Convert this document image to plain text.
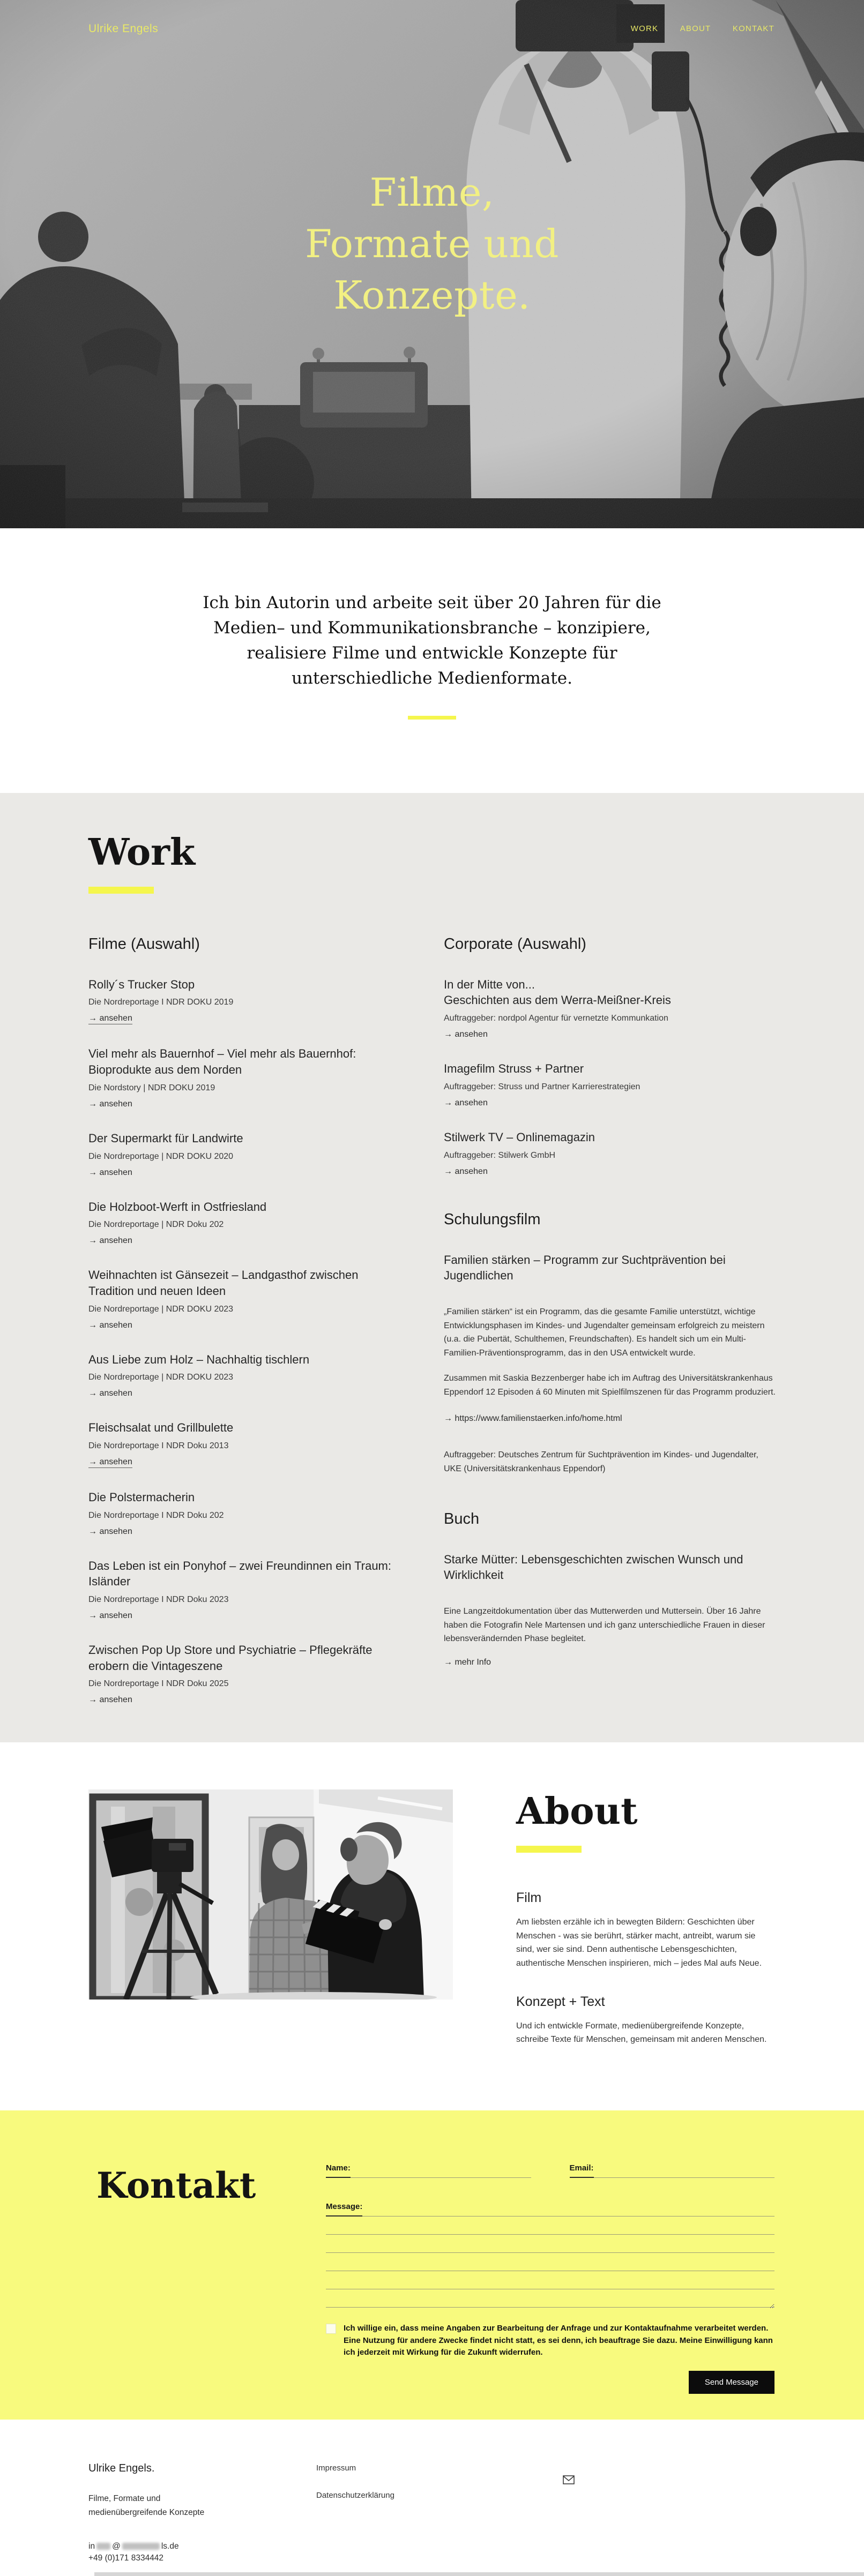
Ulrike Engels	WORK	ABOUT	KONTAKT
Filme,
Formate und
Konzepte.

Ich bin Autorin und arbeite seit über 20 Jahren für die Medien– und Kommunikationsbranche – konzipiere, realisiere Filme und entwickle Konzepte für unterschiedliche Medienformate.

Work
Filme (Auswahl)
Rolly´s Trucker Stop

Die Nordreportage I NDR DOKU 2019

→ ansehen
Viel mehr als Bauernhof – Viel mehr als Bauernhof: Bioprodukte aus dem Norden

Die Nordstory | NDR DOKU 2019

→ ansehen
Der Supermarkt für Landwirte

Die Nordreportage | NDR DOKU 2020

→ ansehen
Die Holzboot-Werft in Ostfriesland

Die Nordreportage | NDR Doku 202

→ ansehen
Weihnachten ist Gänsezeit – Landgasthof zwischen Tradition und neuen Ideen

Die Nordreportage | NDR DOKU 2023

→ ansehen
Aus Liebe zum Holz – Nachhaltig tischlern

Die Nordreportage | NDR DOKU 2023

→ ansehen
Fleischsalat und Grillbulette

Die Nordreportage I NDR Doku 2013

→ ansehen
Die Polstermacherin

Die Nordreportage I NDR Doku 202

→ ansehen
Das Leben ist ein Ponyhof – zwei Freundinnen ein Traum: Isländer

Die Nordreportage I NDR Doku 2023

→ ansehen
Zwischen Pop Up Store und Psychiatrie – Pflegekräfte erobern die Vintageszene

Die Nordreportage I NDR Doku 2025

→ ansehen
Corporate (Auswahl)
In der Mitte von...
Geschichten aus dem Werra-Meißner-Kreis

Auftraggeber: nordpol Agentur für vernetzte Kommunkation

→ ansehen
Imagefilm Struss + Partner

Auftraggeber: Struss und Partner Karrierestrategien

→ ansehen
Stilwerk TV – Onlinemagazin

Auftraggeber: Stilwerk GmbH

→ ansehen
Schulungsfilm
Familien stärken – Programm zur Suchtprävention bei Jugendlichen

„Familien stärken“ ist ein Programm, das die gesamte Familie unterstützt, wichtige Entwicklungsphasen im Kindes- und Jugendalter gemeinsam erfolgreich zu meistern (u.a. die Pubertät, Schulthemen, Freundschaften). Es handelt sich um ein Multi-Familien-Präventionsprogramm, das in den USA entwickelt wurde.

Zusammen mit Saskia Bezzenberger habe ich im Auftrag des Universitätskrankenhaus Eppendorf 12 Episoden á 60 Minuten mit Spielfilmszenen für das Programm produziert.

→ https://www.familienstaerken.info/home.html

Auftraggeber: Deutsches Zentrum für Suchtprävention im Kindes- und Jugendalter, UKE (Universitätskrankenhaus Eppendorf)

Buch
Starke Mütter: Lebensgeschichten zwischen Wunsch und Wirklichkeit

Eine Langzeitdokumentation über das Mutterwerden und Muttersein. Über 16 Jahre haben die Fotografin Nele Martensen und ich ganz unterschiedliche Frauen in dieser lebensverändernden Phase begleitet.

→ mehr Info
About
Film

Am liebsten erzähle ich in bewegten Bildern: Geschichten über Menschen - was sie berührt, stärker macht, antreibt, warum sie sind, wer sie sind. Denn authentische Lebensgeschichten, authentische Menschen inspirieren, mich – jedes Mal aufs Neue.

Konzept + Text

Und ich entwickle Formate, medienübergreifende Konzepte, schreibe Texte für Menschen, gemeinsam mit anderen Menschen.

Kontakt	Name:	Email:
Message:

Ich willige ein, dass meine Angaben zur Bearbeitung der Anfrage und zur Kontaktaufnahme verarbeitet werden. Eine Nutzung für andere Zwecke findet nicht statt, es sei denn, ich beauftrage Sie dazu. Meine Einwilligung kann ich jederzeit mit Wirkung für die Zukunft widerrufen.

Send Message

Ulrike Engels.

Filme, Formate und

medienübergreifende Konzepte

in @	ls.de

+49 (0)171 8334442

Impressum
Datenschutzerklärung
